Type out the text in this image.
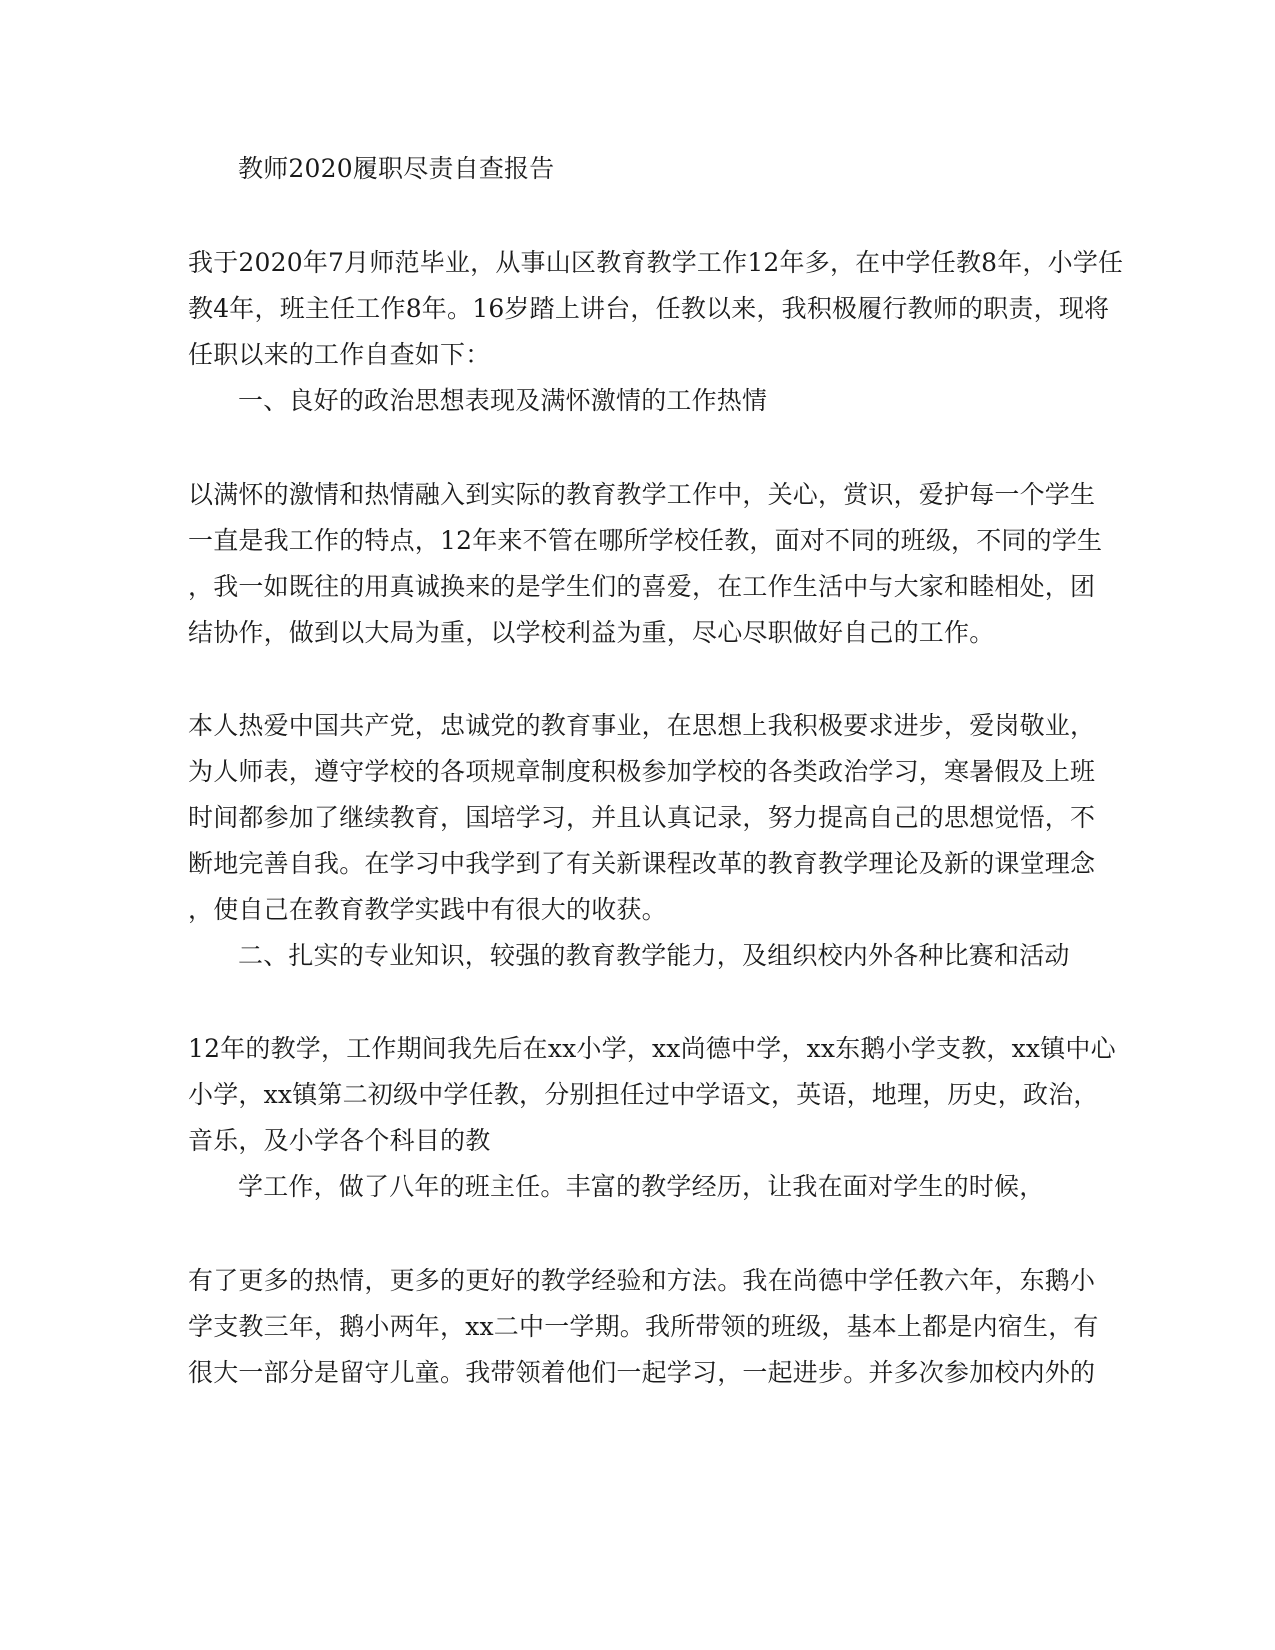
教师2020履职尽责自查报告
我于2020年7月师范毕业，从事山区教育教学工作12年多，在中学任教8年，小学任
教4年，班主任工作8年。16岁踏上讲台，任教以来，我积极履行教师的职责，现将
任职以来的工作自查如下：
一、良好的政治思想表现及满怀激情的工作热情
以满怀的激情和热情融入到实际的教育教学工作中，关心，赏识，爱护每一个学生
一直是我工作的特点，12年来不管在哪所学校任教，面对不同的班级，不同的学生
，我一如既往的用真诚换来的是学生们的喜爱，在工作生活中与大家和睦相处，团
结协作，做到以大局为重，以学校利益为重，尽心尽职做好自己的工作。
本人热爱中国共产党，忠诚党的教育事业，在思想上我积极要求进步，爱岗敬业，
为人师表，遵守学校的各项规章制度积极参加学校的各类政治学习，寒暑假及上班
时间都参加了继续教育，国培学习，并且认真记录，努力提高自己的思想觉悟，不
断地完善自我。在学习中我学到了有关新课程改革的教育教学理论及新的课堂理念
，使自己在教育教学实践中有很大的收获。
二、扎实的专业知识，较强的教育教学能力，及组织校内外各种比赛和活动
12年的教学，工作期间我先后在xx小学，xx尚德中学，xx东鹅小学支教，xx镇中心
小学，xx镇第二初级中学任教，分别担任过中学语文，英语，地理，历史，政治，
音乐，及小学各个科目的教
学工作，做了八年的班主任。丰富的教学经历，让我在面对学生的时候，
有了更多的热情，更多的更好的教学经验和方法。我在尚德中学任教六年，东鹅小
学支教三年，鹅小两年，xx二中一学期。我所带领的班级，基本上都是内宿生，有
很大一部分是留守儿童。我带领着他们一起学习，一起进步。并多次参加校内外的
